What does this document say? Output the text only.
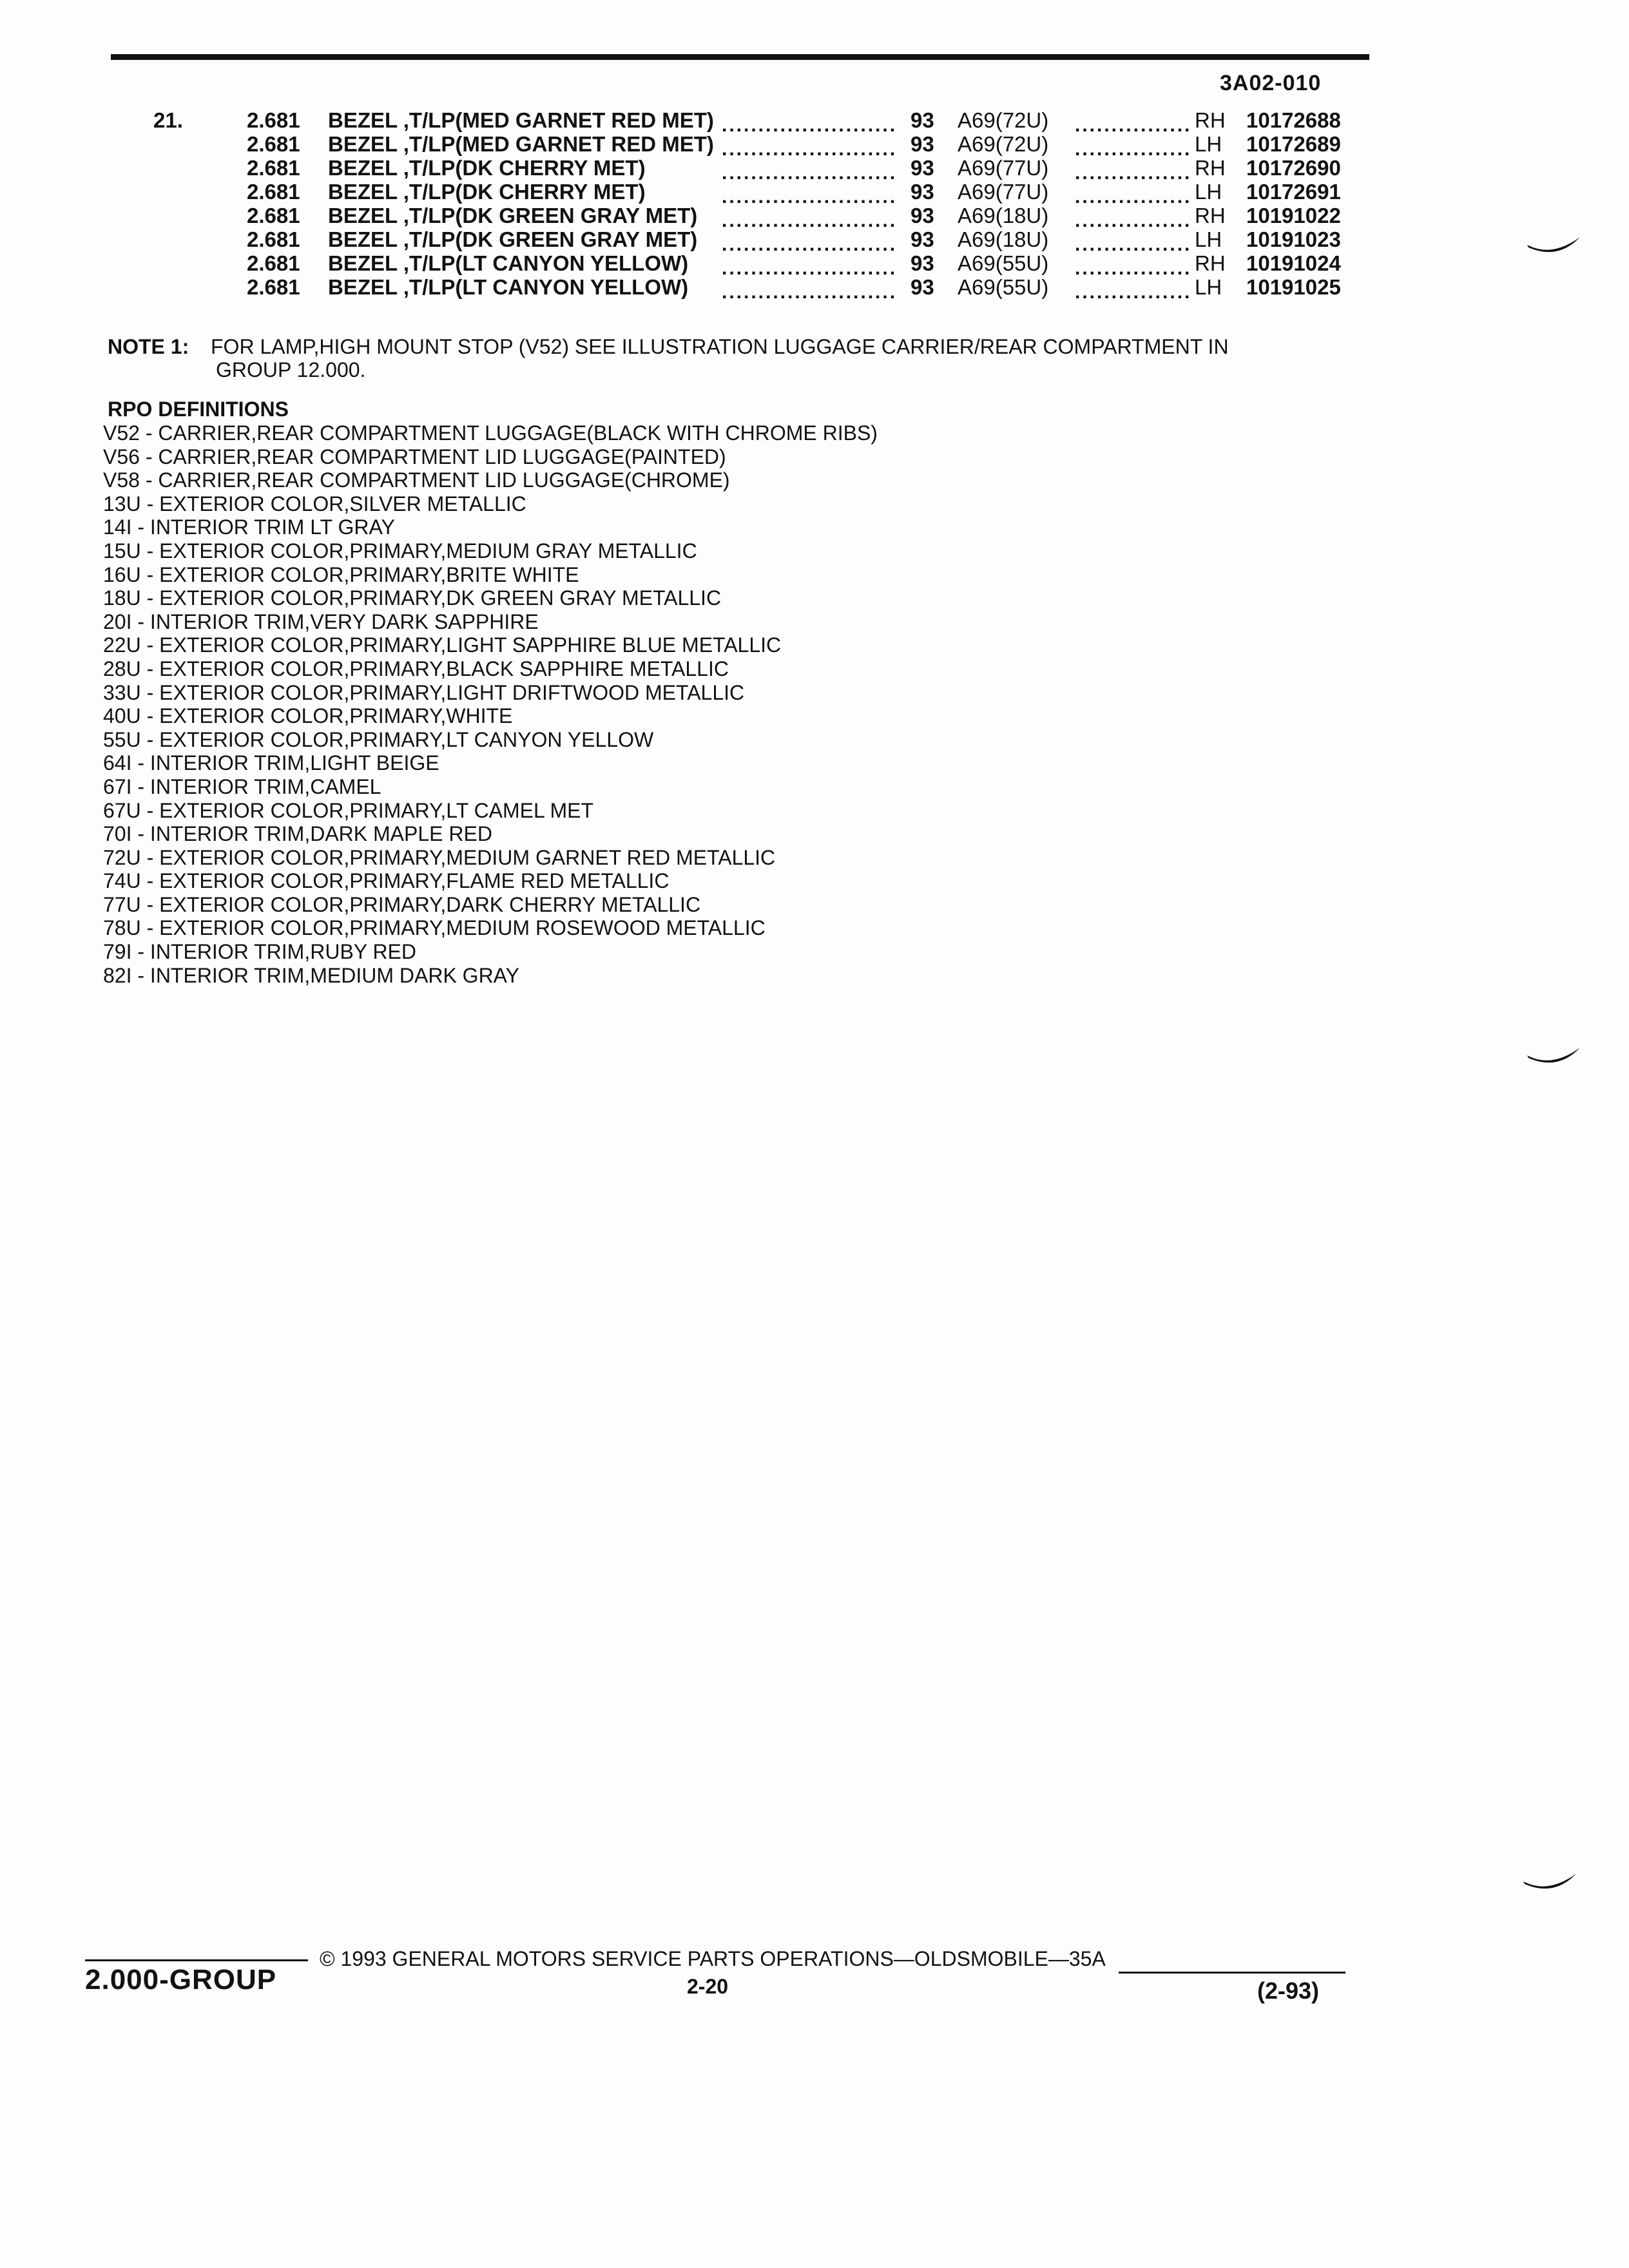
3A02-010
21.	2.681 BEZEL ,T/LP(MED GARNET RED MET)	93 A69(72U)	RH 10172688
........................	................
2.681 BEZEL ,T/LP(MED GARNET RED MET)	93 A69(72U)	LH 10172689
........................	................
2.681 BEZEL ,T/LP(DK CHERRY MET)	93 A69(77U)	RH 10172690
........................	................
2.681 BEZEL ,T/LP(DK CHERRY MET)	93 A69(77U)	LH 10172691
........................	................
2.681 BEZEL ,T/LP(DK GREEN GRAY MET)	93 A69(18U)	RH 10191022
........................	................
2.681 BEZEL ,T/LP(DK GREEN GRAY MET)	93 A69(18U)	LH 10191023
........................	................
2.681 BEZEL ,T/LP(LT CANYON YELLOW)	93 A69(55U)	RH 10191024
........................	................
2.681 BEZEL ,T/LP(LT CANYON YELLOW)	93 A69(55U)	LH 10191025
........................	................
NOTE 1: FOR LAMP,HIGH MOUNT STOP (V52) SEE ILLUSTRATION LUGGAGE CARRIER/REAR COMPARTMENT IN
GROUP 12.000.
RPO DEFINITIONS
V52 - CARRIER,REAR COMPARTMENT LUGGAGE(BLACK WITH CHROME RIBS)
V56 - CARRIER,REAR COMPARTMENT LID LUGGAGE(PAINTED)
V58 - CARRIER,REAR COMPARTMENT LID LUGGAGE(CHROME)
13U - EXTERIOR COLOR,SILVER METALLIC
14I - INTERIOR TRIM LT GRAY
15U - EXTERIOR COLOR,PRIMARY,MEDIUM GRAY METALLIC
16U - EXTERIOR COLOR,PRIMARY,BRITE WHITE
18U - EXTERIOR COLOR,PRIMARY,DK GREEN GRAY METALLIC
20I - INTERIOR TRIM,VERY DARK SAPPHIRE
22U - EXTERIOR COLOR,PRIMARY,LIGHT SAPPHIRE BLUE METALLIC
28U - EXTERIOR COLOR,PRIMARY,BLACK SAPPHIRE METALLIC
33U - EXTERIOR COLOR,PRIMARY,LIGHT DRIFTWOOD METALLIC
40U - EXTERIOR COLOR,PRIMARY,WHITE
55U - EXTERIOR COLOR,PRIMARY,LT CANYON YELLOW
64I - INTERIOR TRIM,LIGHT BEIGE
67I - INTERIOR TRIM,CAMEL
67U - EXTERIOR COLOR,PRIMARY,LT CAMEL MET
70I - INTERIOR TRIM,DARK MAPLE RED
72U - EXTERIOR COLOR,PRIMARY,MEDIUM GARNET RED METALLIC
74U - EXTERIOR COLOR,PRIMARY,FLAME RED METALLIC
77U - EXTERIOR COLOR,PRIMARY,DARK CHERRY METALLIC
78U - EXTERIOR COLOR,PRIMARY,MEDIUM ROSEWOOD METALLIC
79I - INTERIOR TRIM,RUBY RED
82I - INTERIOR TRIM,MEDIUM DARK GRAY
© 1993 GENERAL MOTORS SERVICE PARTS OPERATIONS—OLDSMOBILE—35A
2.000-GROUP	2-20	(2-93)
